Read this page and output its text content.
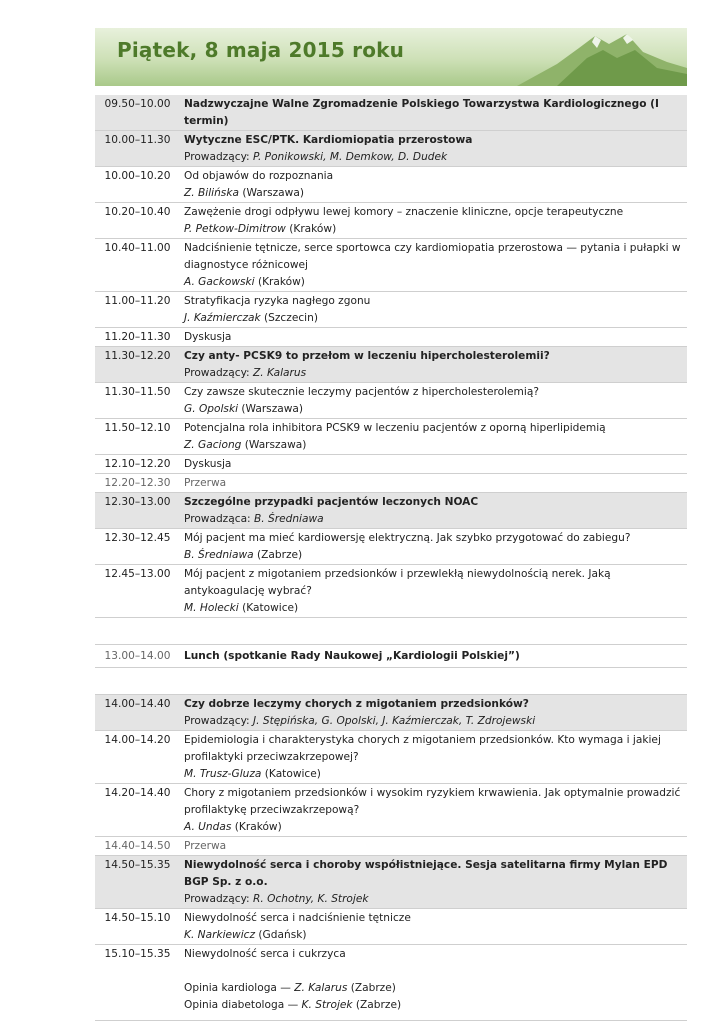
Piątek, 8 maja 2015 roku
09.50–10.00	Nadzwyczajne Walne Zgromadzenie Polskiego Towarzystwa Kardiologicznego (I termin)
10.00–11.30	Wytyczne ESC/PTK. Kardiomiopatia przerostowa
Prowadzący: P. Ponikowski, M. Demkow, D. Dudek
10.00–10.20	Od objawów do rozpoznania
Z. Bilińska (Warszawa)
10.20–10.40	Zawężenie drogi odpływu lewej komory – znaczenie kliniczne, opcje terapeutyczne
P. Petkow-Dimitrow (Kraków)
10.40–11.00	Nadciśnienie tętnicze, serce sportowca czy kardiomiopatia przerostowa — pytania i pułapki w diagnostyce różnicowej
A. Gackowski (Kraków)
11.00–11.20	Stratyfikacja ryzyka nagłego zgonu
J. Kaźmierczak (Szczecin)
11.20–11.30	Dyskusja
11.30–12.20	Czy anty- PCSK9 to przełom w leczeniu hipercholesterolemii?
Prowadzący: Z. Kalarus
11.30–11.50	Czy zawsze skutecznie leczymy pacjentów z hipercholesterolemią?
G. Opolski (Warszawa)
11.50–12.10	Potencjalna rola inhibitora PCSK9 w leczeniu pacjentów z oporną hiperlipidemią
Z. Gaciong (Warszawa)
12.10–12.20	Dyskusja
12.20–12.30	Przerwa
12.30–13.00	Szczególne przypadki pacjentów leczonych NOAC
Prowadząca: B. Średniawa
12.30–12.45	Mój pacjent ma mieć kardiowersję elektryczną. Jak szybko przygotować do zabiegu?
B. Średniawa (Zabrze)
12.45–13.00	Mój pacjent z migotaniem przedsionków i przewlekłą niewydolnością nerek. Jaką antykoagulację wybrać?
M. Holecki (Katowice)
13.00–14.00	Lunch (spotkanie Rady Naukowej „Kardiologii Polskiej”)
14.00–14.40	Czy dobrze leczymy chorych z migotaniem przedsionków?
Prowadzący: J. Stępińska, G. Opolski, J. Kaźmierczak, T. Zdrojewski
14.00–14.20	Epidemiologia i charakterystyka chorych z migotaniem przedsionków. Kto wymaga i jakiej profilaktyki przeciwzakrzepowej?
M. Trusz-Gluza (Katowice)
14.20–14.40	Chory z migotaniem przedsionków i wysokim ryzykiem krwawienia. Jak optymalnie prowadzić profilaktykę przeciwzakrzepową?
A. Undas (Kraków)
14.40–14.50	Przerwa
14.50–15.35	Niewydolność serca i choroby współistniejące. Sesja satelitarna firmy Mylan EPD BGP Sp. z o.o.
Prowadzący: R. Ochotny, K. Strojek
14.50–15.10	Niewydolność serca i nadciśnienie tętnicze
K. Narkiewicz (Gdańsk)
15.10–15.35	Niewydolność serca i cukrzyca
Opinia kardiologa — Z. Kalarus (Zabrze)
Opinia diabetologa — K. Strojek (Zabrze)
